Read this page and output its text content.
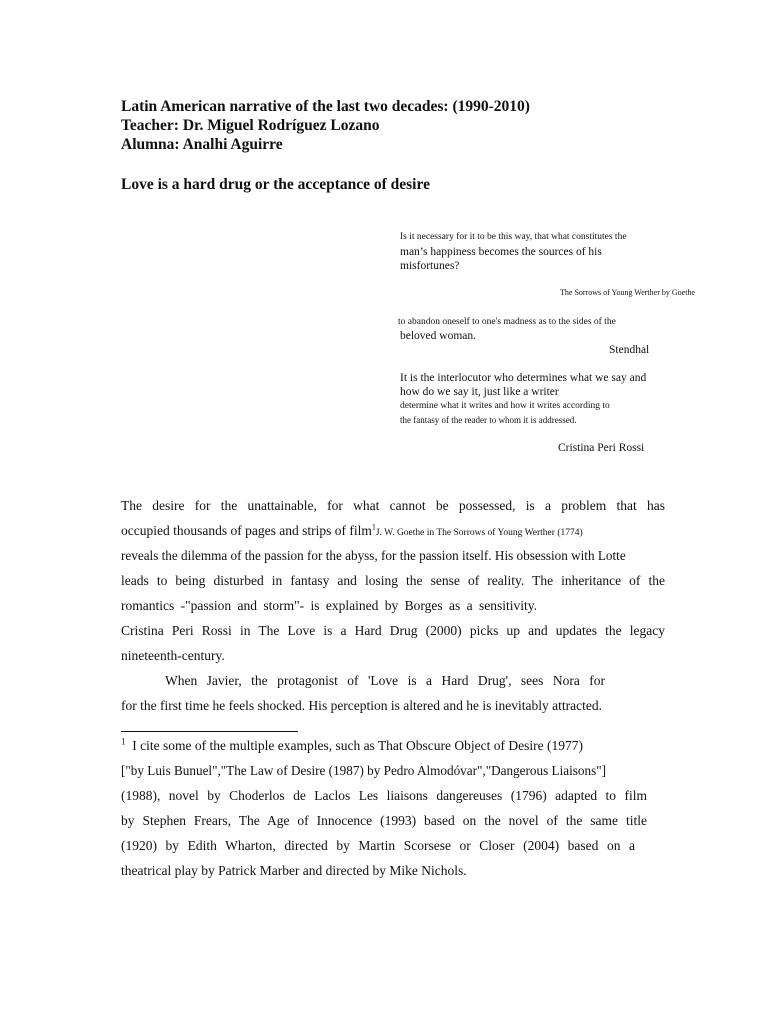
Latin American narrative of the last two decades: (1990-2010)
Teacher: Dr. Miguel Rodríguez Lozano
Alumna: Analhi Aguirre
Love is a hard drug or the acceptance of desire
Is it necessary for it to be this way, that what constitutes the
man’s happiness becomes the sources of his
misfortunes?
The Sorrows of Young Werther by Goethe
to abandon oneself to one's madness as to the sides of the
beloved woman.
Stendhal
It is the interlocutor who determines what we say and
how do we say it, just like a writer
determine what it writes and how it writes according to
the fantasy of the reader to whom it is addressed.
Cristina Peri Rossi
The desire for the unattainable, for what cannot be possessed, is a problem that has
occupied thousands of pages and strips of film$^1$J. W. Goethe in The Sorrows of Young Werther (1774)
reveals the dilemma of the passion for the abyss, for the passion itself. His obsession with Lotte
leads to being disturbed in fantasy and losing the sense of reality. The inheritance of the
romantics -"passion and storm"- is explained by Borges as a sensitivity.
Cristina Peri Rossi in The Love is a Hard Drug (2000) picks up and updates the legacy
nineteenth-century.
When Javier, the protagonist of 'Love is a Hard Drug', sees Nora for
for the first time he feels shocked. His perception is altered and he is inevitably attracted.
$^1$ I cite some of the multiple examples, such as That Obscure Object of Desire (1977)
["by Luis Bunuel","The Law of Desire (1987) by Pedro Almodóvar","Dangerous Liaisons"]
(1988), novel by Choderlos de Laclos Les liaisons dangereuses (1796) adapted to film
by Stephen Frears, The Age of Innocence (1993) based on the novel of the same title
(1920) by Edith Wharton, directed by Martin Scorsese or Closer (2004) based on a
theatrical play by Patrick Marber and directed by Mike Nichols.
